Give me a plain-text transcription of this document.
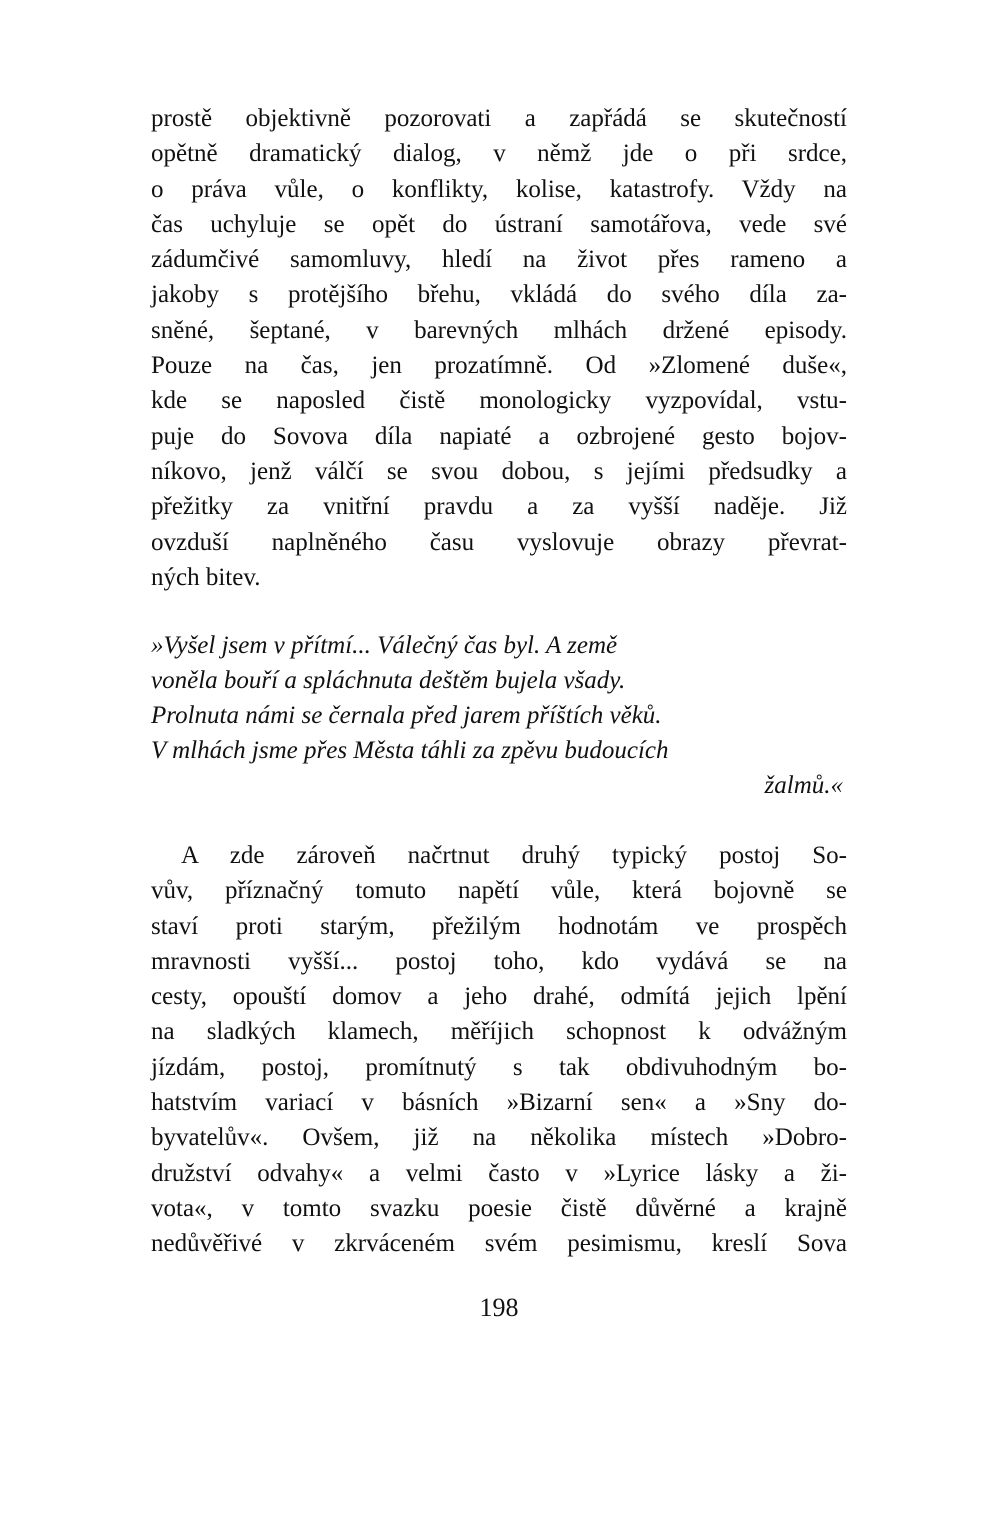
prostě objektivně pozorovati a zapřádá se skutečností
opětně dramatický dialog, v němž jde o při srdce,
o práva vůle, o konflikty, kolise, katastrofy. Vždy na
čas uchyluje se opět do ústraní samotářova, vede své
zádumčivé samomluvy, hledí na život přes rameno a
jakoby s protějšího břehu, vkládá do svého díla za-
sněné, šeptané, v barevných mlhách držené episody.
Pouze na čas, jen prozatímně. Od »Zlomené duše«,
kde se naposled čistě monologicky vyzpovídal, vstu-
puje do Sovova díla napiaté a ozbrojené gesto bojov-
níkovo, jenž válčí se svou dobou, s jejími předsudky a
přežitky za vnitřní pravdu a za vyšší naděje. Již
ovzduší naplněného času vyslovuje obrazy převrat-
ných bitev.
»Vyšel jsem v přítmí... Válečný čas byl. A země
voněla bouří a spláchnuta deštěm bujela všady.
Prolnuta námi se černala před jarem příštích věků.
V mlhách jsme přes Města táhli za zpěvu budoucích
žalmů.«
A zde zároveň načrtnut druhý typický postoj So-
vův, příznačný tomuto napětí vůle, která bojovně se
staví proti starým, přežilým hodnotám ve prospěch
mravnosti vyšší... postoj toho, kdo vydává se na
cesty, opouští domov a jeho drahé, odmítá jejich lpění
na sladkých klamech, měříjich schopnost k odvážným
jízdám, postoj, promítnutý s tak obdivuhodným bo-
hatstvím variací v básních »Bizarní sen« a »Sny do-
byvatelův«. Ovšem, již na několika místech »Dobro-
družství odvahy« a velmi často v »Lyrice lásky a ži-
vota«, v tomto svazku poesie čistě důvěrné a krajně
nedůvěřivé v zkrváceném svém pesimismu, kreslí Sova
198
